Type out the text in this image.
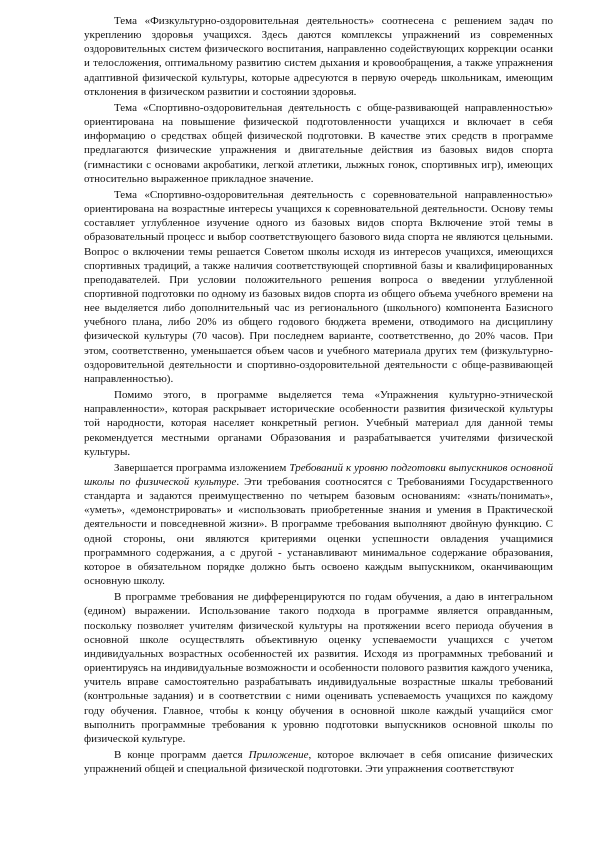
Тема «Физкультурно-оздоровительная деятельность» соотнесена с решением задач по укреплению здоровья учащихся. Здесь даются комплексы упражнений из современных оздоровительных систем физического воспитания, направленно содействующих коррекции осанки и телосложения, оптимальному развитию систем дыхания и кровообращения, а также упражнения адаптивной физической культуры, которые адресуются в первую очередь школьникам, имеющим отклонения в физическом развитии и состоянии здоровья.

Тема «Спортивно-оздоровительная деятельность с обще-развивающей направленностью» ориентирована на повышение физической подготовленности учащихся и включает в себя информацию о средствах общей физической подготовки. В качестве этих средств в программе предлагаются физические упражнения и двигательные действия из базовых видов спорта (гимнастики с основами акробатики, легкой атлетики, лыжных гонок, спортивных игр), имеющих относительно выраженное прикладное значение.

Тема «Спортивно-оздоровительная деятельность с соревновательной направленностью» ориентирована на возрастные интересы учащихся к соревновательной деятельности. Основу темы составляет углубленное изучение одного из базовых видов спорта Включение этой темы в образовательный процесс и выбор соответствующего базового вида спорта не являются цельными. Вопрос о включении темы решается Советом школы исходя из интересов учащихся, имеющихся спортивных традиций, а также наличия соответствующей спортивной базы и квалифицированных преподавателей. При условии положительного решения вопроса о введении углубленной спортивной подготовки по одному из базовых видов спорта из общего объема учебного времени на нее выделяется либо дополнительный час из регионального (школьного) компонента Базисного учебного плана, либо 20% из общего годового бюджета времени, отводимого на дисциплину физической культуры (70 часов). При последнем варианте, соответственно, до 20% часов. При этом, соответственно, уменьшается объем часов и учебного материала других тем (физкультурно-оздоровительной деятельности и спортивно-оздоровительной деятельности с обще-развивающей направленностью).

Помимо этого, в программе выделяется тема «Упражнения культурно-этнической направленности», которая раскрывает исторические особенности развития физической культуры той народности, которая населяет конкретный регион. Учебный материал для данной темы рекомендуется местными органами Образования и разрабатывается учителями физической культуры.

Завершается программа изложением Требований к уровню подготовки выпускников основной школы по физической культуре. Эти требования соотносятся с Требованиями Государственного стандарта и задаются преимущественно по четырем базовым основаниям: «знать/понимать», «уметь», «демонстрировать» и «использовать приобретенные знания и умения в Практической деятельности и повседневной жизни». В программе требования выполняют двойную функцию. С одной стороны, они являются критериями оценки успешности овладения учащимися программного содержания, а с другой - устанавливают минимальное содержание образования, которое в обязательном порядке должно быть освоено каждым выпускником, оканчивающим основную школу.

В программе требования не дифференцируются по годам обучения, а даю в интегральном (едином) выражении. Использование такого подхода в программе является оправданным, поскольку позволяет учителям физической культуры на протяжении всего периода обучения в основной школе осуществлять объективную оценку успеваемости учащихся с учетом индивидуальных возрастных особенностей их развития. Исходя из программных требований и ориентируясь на индивидуальные возможности и особенности полового развития каждого ученика, учитель вправе самостоятельно разрабатывать индивидуальные возрастные шкалы требований (контрольные задания) и в соответствии с ними оценивать успеваемость учащихся по каждому году обучения. Главное, чтобы к концу обучения в основной школе каждый учащийся смог выполнить программные требования к уровню подготовки выпускников основной школы по физической культуре.

В конце программ дается Приложение, которое включает в себя описание физических упражнений общей и специальной физической подготовки. Эти упражнения соответствуют
